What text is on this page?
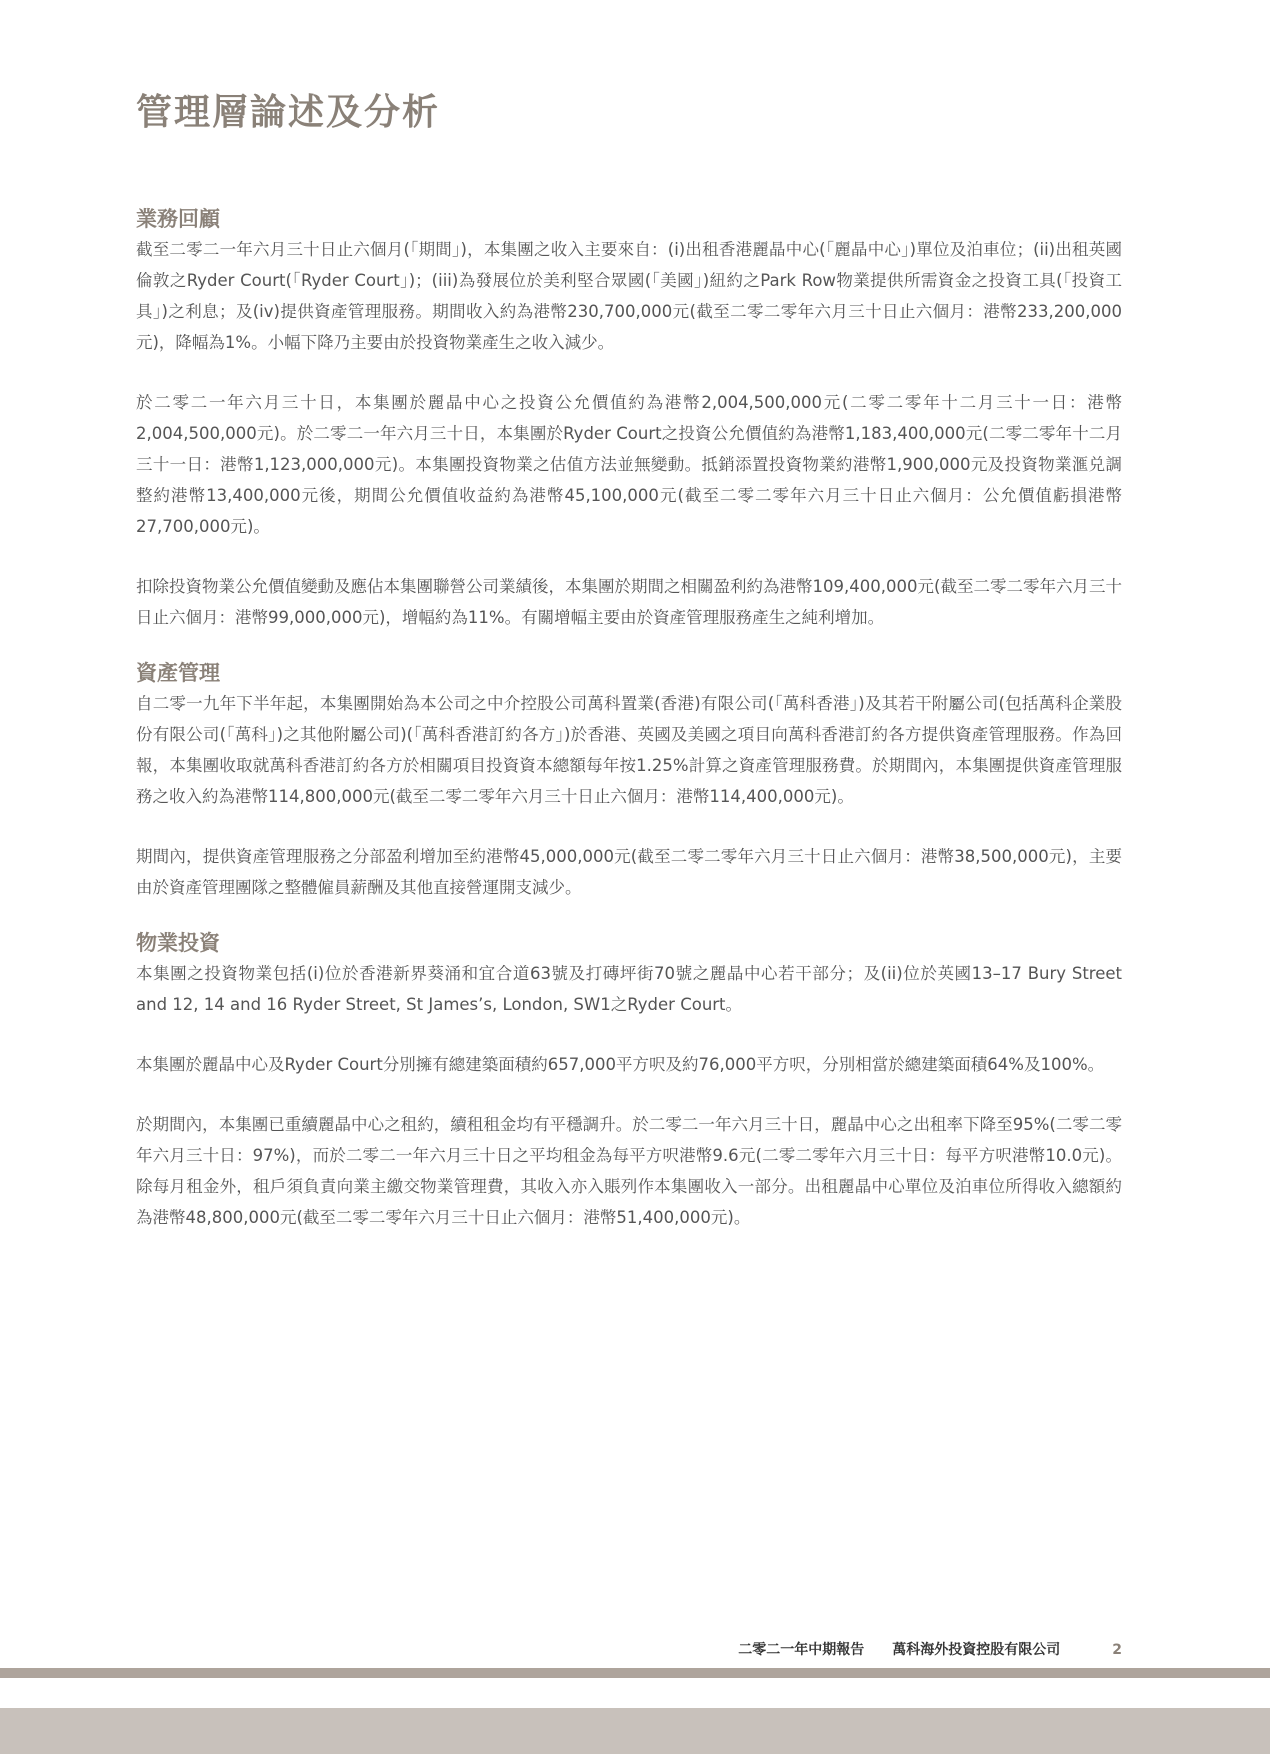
管理層論述及分析
業務回顧

截至二零二一年六月三十日止六個月(「期間」)，本集團之收入主要來自：(i)出租香港麗晶中心(「麗晶中心」)單位及泊車位；(ii)出租英國倫敦之Ryder Court(「Ryder Court」)；(iii)為發展位於美利堅合眾國(「美國」)紐約之Park Row物業提供所需資金之投資工具(「投資工具」)之利息；及(iv)提供資產管理服務。期間收入約為港幣230,700,000元(截至二零二零年六月三十日止六個月：港幣233,200,000元)，降幅為1%。小幅下降乃主要由於投資物業產生之收入減少。

於二零二一年六月三十日，本集團於麗晶中心之投資公允價值約為港幣2,004,500,000元(二零二零年十二月三十一日：港幣2,004,500,000元)。於二零二一年六月三十日，本集團於Ryder Court之投資公允價值約為港幣1,183,400,000元(二零二零年十二月三十一日：港幣1,123,000,000元)。本集團投資物業之估值方法並無變動。抵銷添置投資物業約港幣1,900,000元及投資物業滙兑調整約港幣13,400,000元後，期間公允價值收益約為港幣45,100,000元(截至二零二零年六月三十日止六個月：公允價值虧損港幣27,700,000元)。

扣除投資物業公允價值變動及應佔本集團聯營公司業績後，本集團於期間之相關盈利約為港幣109,400,000元(截至二零二零年六月三十日止六個月：港幣99,000,000元)，增幅約為11%。有關增幅主要由於資產管理服務產生之純利增加。

資產管理

自二零一九年下半年起，本集團開始為本公司之中介控股公司萬科置業(香港)有限公司(「萬科香港」)及其若干附屬公司(包括萬科企業股份有限公司(「萬科」)之其他附屬公司)(「萬科香港訂約各方」)於香港、英國及美國之項目向萬科香港訂約各方提供資產管理服務。作為回報，本集團收取就萬科香港訂約各方於相關項目投資資本總額每年按1.25%計算之資產管理服務費。於期間內，本集團提供資產管理服務之收入約為港幣114,800,000元(截至二零二零年六月三十日止六個月：港幣114,400,000元)。

期間內，提供資產管理服務之分部盈利增加至約港幣45,000,000元(截至二零二零年六月三十日止六個月：港幣38,500,000元)，主要由於資產管理團隊之整體僱員薪酬及其他直接營運開支減少。

物業投資

本集團之投資物業包括(i)位於香港新界葵涌和宜合道63號及打磚坪街70號之麗晶中心若干部分；及(ii)位於英國13–17 Bury Street and 12, 14 and 16 Ryder Street, St James’s, London, SW1之Ryder Court。

本集團於麗晶中心及Ryder Court分別擁有總建築面積約657,000平方呎及約76,000平方呎，分別相當於總建築面積64%及100%。

於期間內，本集團已重續麗晶中心之租約，續租租金均有平穩調升。於二零二一年六月三十日，麗晶中心之出租率下降至95%(二零二零年六月三十日：97%)，而於二零二一年六月三十日之平均租金為每平方呎港幣9.6元(二零二零年六月三十日：每平方呎港幣10.0元)。除每月租金外，租戶須負責向業主繳交物業管理費，其收入亦入賬列作本集團收入一部分。出租麗晶中心單位及泊車位所得收入總額約為港幣48,800,000元(截至二零二零年六月三十日止六個月：港幣51,400,000元)。

二零二一年中期報告 萬科海外投資控股有限公司	2
